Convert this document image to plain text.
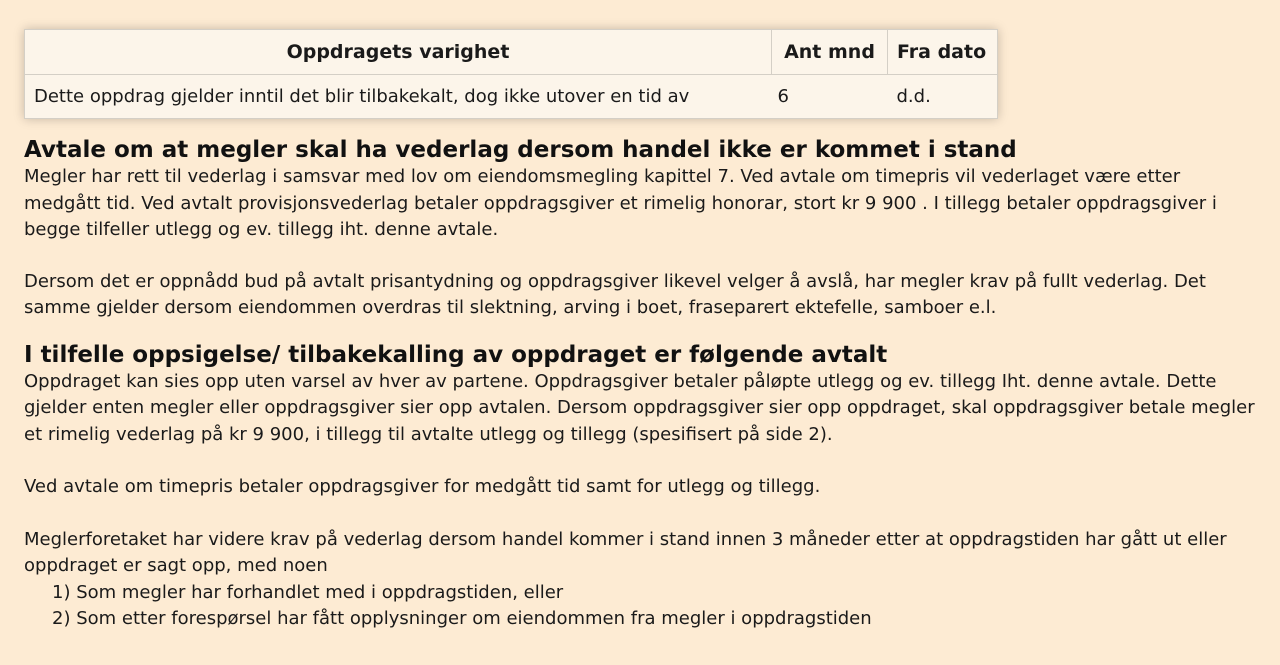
Oppdragets varighet	Ant mnd	Fra dato
Dette oppdrag gjelder inntil det blir tilbakekalt, dog ikke utover en tid av	6	d.d.
Avtale om at megler skal ha vederlag dersom handel ikke er kommet i stand

Megler har rett til vederlag i samsvar med lov om eiendomsmegling kapittel 7. Ved avtale om timepris vil vederlaget være etter medgått tid. Ved avtalt provisjonsvederlag betaler oppdragsgiver et rimelig honorar, stort kr 9 900 . I tillegg betaler oppdragsgiver i begge tilfeller utlegg og ev. tillegg iht. denne avtale.

Dersom det er oppnådd bud på avtalt prisantydning og oppdragsgiver likevel velger å avslå, har megler krav på fullt vederlag. Det samme gjelder dersom eiendommen overdras til slektning, arving i boet, fraseparert ektefelle, samboer e.l.

I tilfelle oppsigelse/ tilbakekalling av oppdraget er følgende avtalt

Oppdraget kan sies opp uten varsel av hver av partene. Oppdragsgiver betaler påløpte utlegg og ev. tillegg Iht. denne avtale. Dette gjelder enten megler eller oppdragsgiver sier opp avtalen. Dersom oppdragsgiver sier opp oppdraget, skal oppdragsgiver betale megler et rimelig vederlag på kr 9 900, i tillegg til avtalte utlegg og tillegg (spesifisert på side 2).

Ved avtale om timepris betaler oppdragsgiver for medgått tid samt for utlegg og tillegg.

Meglerforetaket har videre krav på vederlag dersom handel kommer i stand innen 3 måneder etter at oppdragstiden har gått ut eller oppdraget er sagt opp, med noen

1) Som megler har forhandlet med i oppdragstiden, eller
2) Som etter forespørsel har fått opplysninger om eiendommen fra megler i oppdragstiden
